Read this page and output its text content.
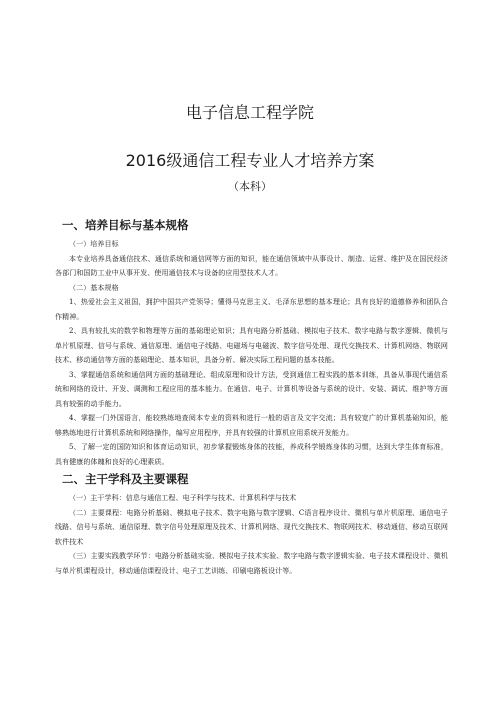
电子信息工程学院
2016级通信工程专业人才培养方案
（本科）
一、培养目标与基本规格

（一）培养目标

本专业培养具备通信技术、通信系统和通信网等方面的知识，能在通信领域中从事设计、制造、运营、维护及在国民经济各部门和国防工业中从事开发、使用通信技术与设备的应用型技术人才。

（二）基本规格

1、热爱社会主义祖国，拥护中国共产党领导；懂得马克思主义、毛泽东思想的基本理论；具有良好的道德修养和团队合作精神。

2、具有较扎实的数学和物理等方面的基础理论知识；具有电路分析基础、模拟电子技术、数字电路与数字逻辑、微机与单片机原理、信号与系统、通信原理、通信电子线路、电磁场与电磁波、数字信号处理、现代交换技术、计算机网络、物联网技术、移动通信等方面的基础理论、基本知识，具备分析、解决实际工程问题的基本技能。

3、掌握通信系统和通信网方面的基础理论、组成原理和设计方法，受到通信工程实践的基本训练，具备从事现代通信系统和网络的设计、开发、调测和工程应用的基本能力。在通信、电子、计算机等设备与系统的设计、安装、调试、维护等方面具有较强的动手能力。

4、掌握一门外国语言，能较熟练地查阅本专业的资料和进行一般的语言及文字交流；具有较宽广的计算机基础知识，能够熟练地进行计算机系统和网络操作，编写应用程序，并具有较强的计算机应用系统开发能力。

5、了解一定的国防知识和体育运动知识，初步掌握锻炼身体的技能，养成科学锻炼身体的习惯，达到大学生体育标准，具有健康的体魄和良好的心理素质。

二、主干学科及主要课程

（一）主干学科：信息与通信工程、电子科学与技术、计算机科学与技术

（二）主要课程：电路分析基础、模拟电子技术、数字电路与数字逻辑、C语言程序设计、微机与单片机原理、通信电子线路、信号与系统、通信原理、数字信号处理原理及技术、计算机网络、现代交换技术、物联网技术、移动通信、移动互联网软件技术

（三）主要实践教学环节：电路分析基础实验、模拟电子技术实验、数字电路与数字逻辑实验、电子技术课程设计、微机与单片机课程设计，移动通信课程设计、电子工艺训练、印刷电路板设计等。
